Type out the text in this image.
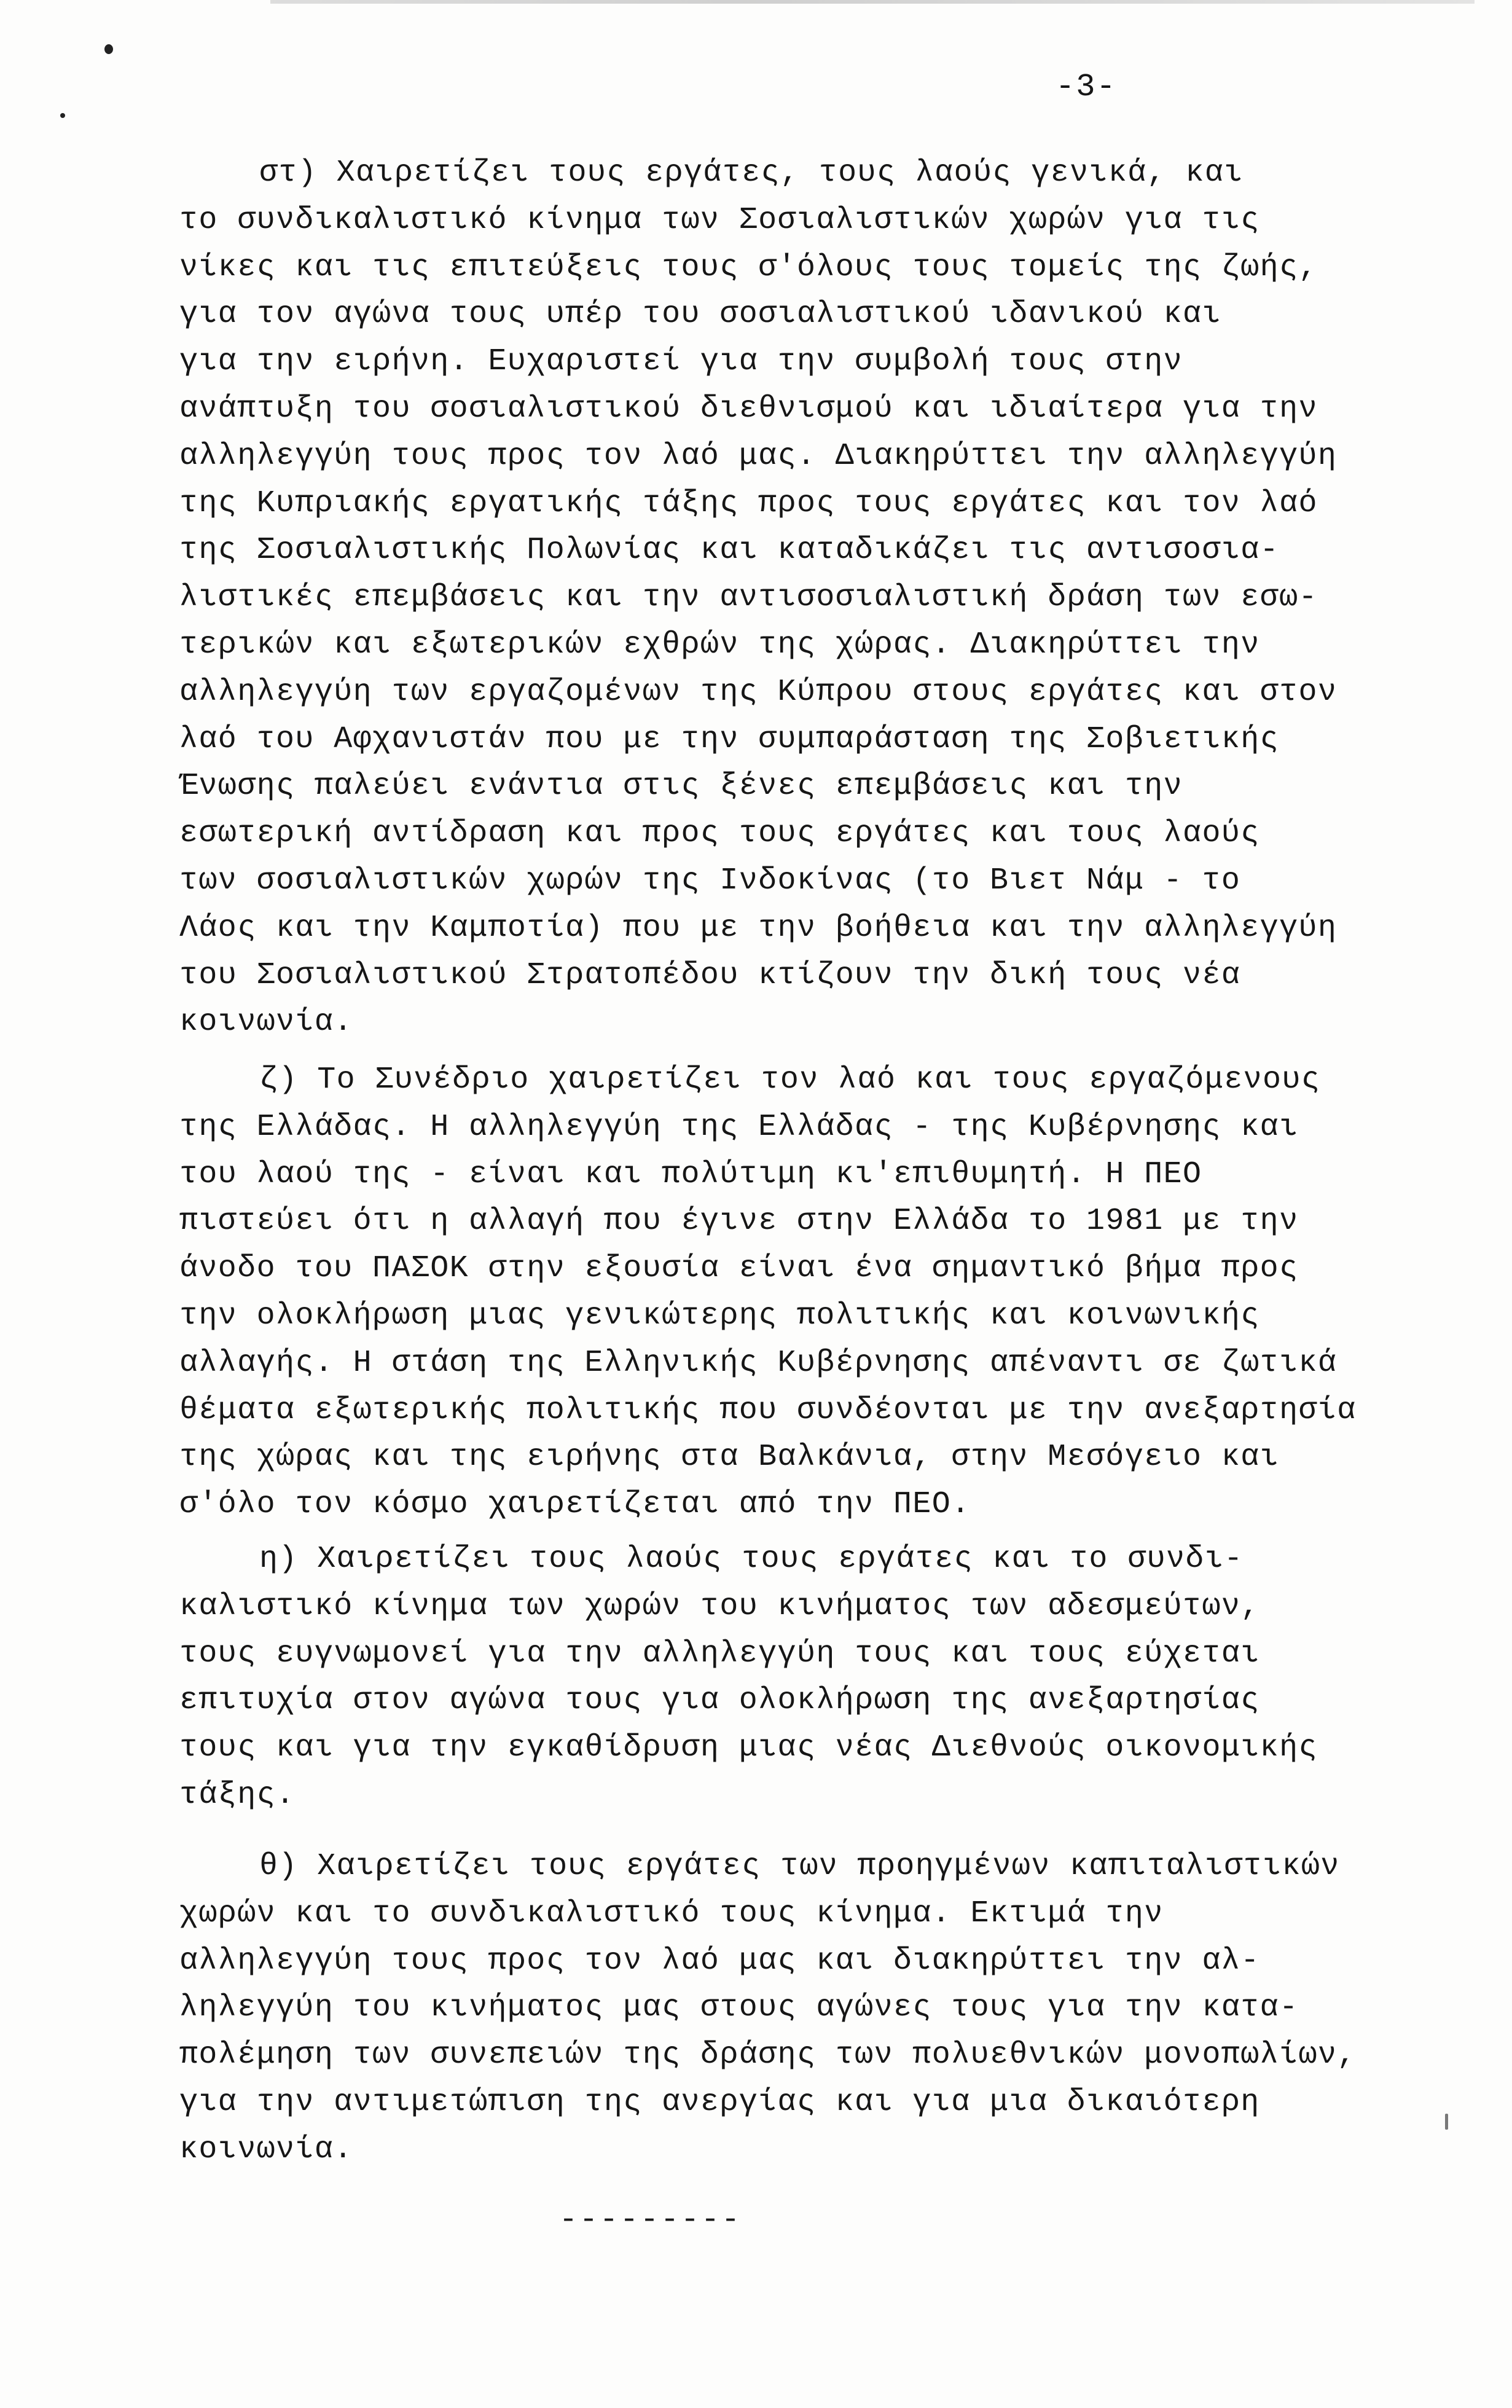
-3-
στ) Χαιρετίζει τους εργάτες, τους λαούς γενικά, και
το συνδικαλιστικό κίνημα των Σοσιαλιστικών χωρών για τις
νίκες και τις επιτεύξεις τους σ'όλους τους τομείς της ζωής,
για τον αγώνα τους υπέρ του σοσιαλιστικού ιδανικού και
για την ειρήνη. Ευχαριστεί για την συμβολή τους στην
ανάπτυξη του σοσιαλιστικού διεθνισμού και ιδιαίτερα για την
αλληλεγγύη τους προς τον λαό μας. Διακηρύττει την αλληλεγγύη
της Κυπριακής εργατικής τάξης προς τους εργάτες και τον λαό
της Σοσιαλιστικής Πολωνίας και καταδικάζει τις αντισοσια-
λιστικές επεμβάσεις και την αντισοσιαλιστική δράση των εσω-
τερικών και εξωτερικών εχθρών της χώρας. Διακηρύττει την
αλληλεγγύη των εργαζομένων της Κύπρου στους εργάτες και στον
λαό του Αφχανιστάν που με την συμπαράσταση της Σοβιετικής
Ένωσης παλεύει ενάντια στις ξένες επεμβάσεις και την
εσωτερική αντίδραση και προς τους εργάτες και τους λαούς
των σοσιαλιστικών χωρών της Ινδοκίνας (το Βιετ Νάμ - το
Λάος και την Καμποτία) που με την βοήθεια και την αλληλεγγύη
του Σοσιαλιστικού Στρατοπέδου κτίζουν την δική τους νέα
κοινωνία.
ζ) Το Συνέδριο χαιρετίζει τον λαό και τους εργαζόμενους
της Ελλάδας. Η αλληλεγγύη της Ελλάδας - της Κυβέρνησης και
του λαού της - είναι και πολύτιμη κι'επιθυμητή. Η ΠΕΟ
πιστεύει ότι η αλλαγή που έγινε στην Ελλάδα το 1981 με την
άνοδο του ΠΑΣΟΚ στην εξουσία είναι ένα σημαντικό βήμα προς
την ολοκλήρωση μιας γενικώτερης πολιτικής και κοινωνικής
αλλαγής. Η στάση της Ελληνικής Κυβέρνησης απέναντι σε ζωτικά
θέματα εξωτερικής πολιτικής που συνδέονται με την ανεξαρτησία
της χώρας και της ειρήνης στα Βαλκάνια, στην Μεσόγειο και
σ'όλο τον κόσμο χαιρετίζεται από την ΠΕΟ.
η) Χαιρετίζει τους λαούς τους εργάτες και το συνδι-
καλιστικό κίνημα των χωρών του κινήματος των αδεσμεύτων,
τους ευγνωμονεί για την αλληλεγγύη τους και τους εύχεται
επιτυχία στον αγώνα τους για ολοκλήρωση της ανεξαρτησίας
τους και για την εγκαθίδρυση μιας νέας Διεθνούς οικονομικής
τάξης.
θ) Χαιρετίζει τους εργάτες των προηγμένων καπιταλιστικών
χωρών και το συνδικαλιστικό τους κίνημα. Εκτιμά την
αλληλεγγύη τους προς τον λαό μας και διακηρύττει την αλ-
ληλεγγύη του κινήματος μας στους αγώνες τους για την κατα-
πολέμηση των συνεπειών της δράσης των πολυεθνικών μονοπωλίων,
για την αντιμετώπιση της ανεργίας και για μια δικαιότερη
κοινωνία.
---------
